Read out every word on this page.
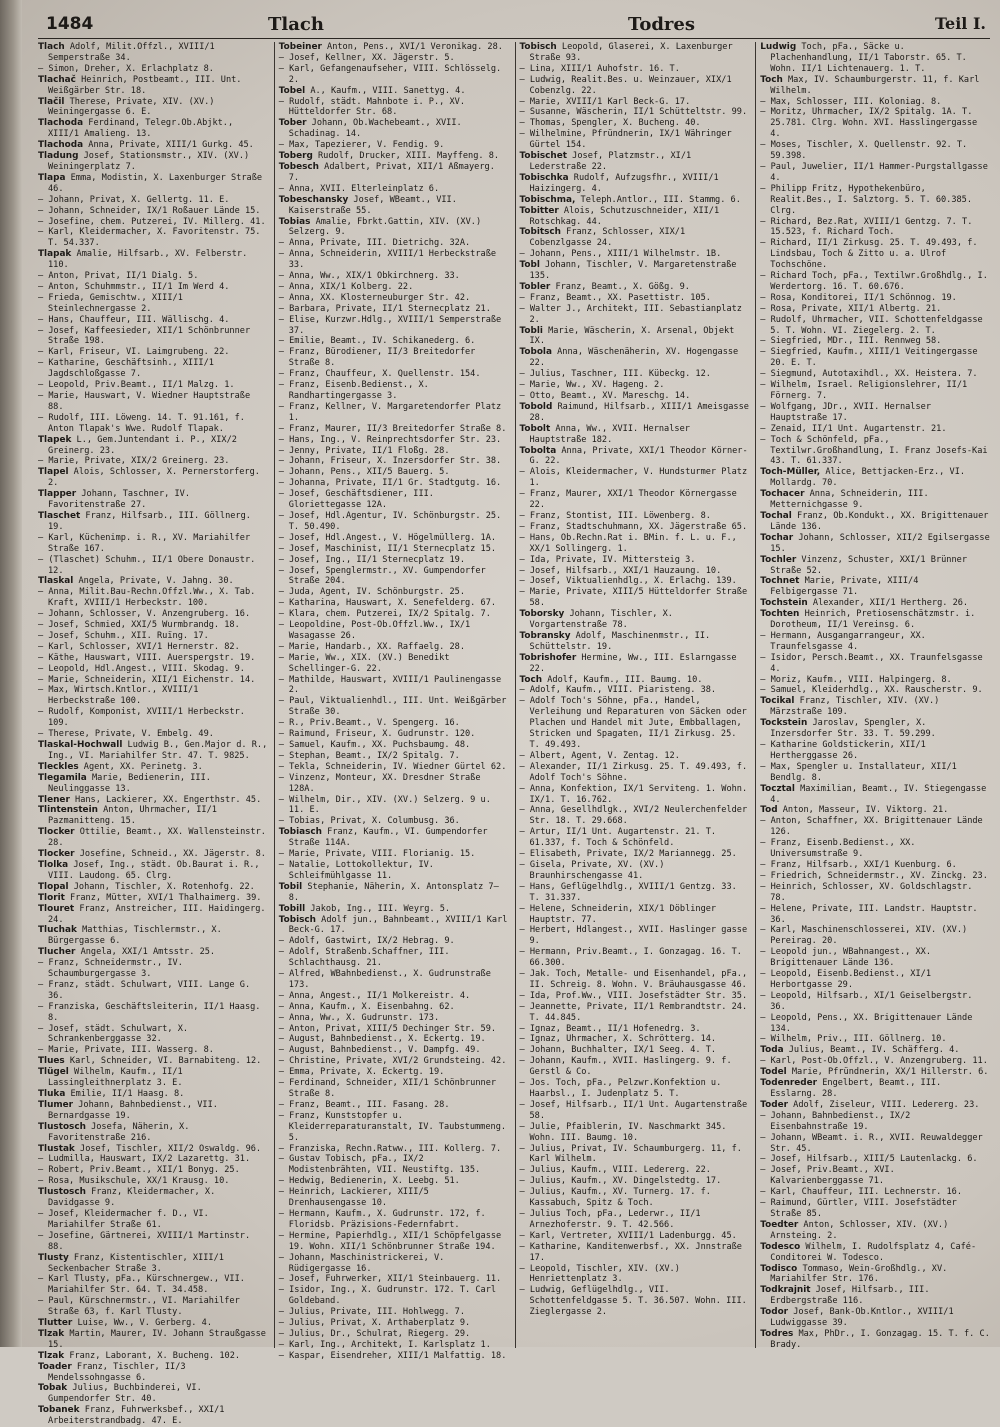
1484	Tlach	Todres	Teil I.
Tlach Adolf, Milit.Offzl., XVIII/1 Semperstraße 34.
— Simon, Dreher, X. Erlachplatz 8.
Tlachač Heinrich, Postbeamt., III. Unt. Weißgärber Str. 18.
Tlačil Therese, Private, XIV. (XV.) Weiningergasse 6. E.
Tlachoda Ferdinand, Telegr.Ob.Abjkt., XIII/1 Amalieng. 13.
Tlachoda Anna, Private, XIII/1 Gurkg. 45.
Tladung Josef, Stationsmstr., XIV. (XV.) Weiningerplatz 7.
Tlapa Emma, Modistin, X. Laxenburger Straße 46.
— Johann, Privat, X. Gellertg. 11. E.
— Johann, Schneider, IX/1 Roßauer Lände 15.
— Josefine, chem. Putzerei, IV. Millerg. 41.
— Karl, Kleidermacher, X. Favoritenstr. 75. T. 54.337.
Tlapak Amalie, Hilfsarb., XV. Felberstr. 110.
— Anton, Privat, II/1 Dialg. 5.
— Anton, Schuhmmstr., II/1 Im Werd 4.
— Frieda, Gemischtw., XIII/1 Steinlechnergasse 2.
— Hans, Chauffeur, III. Wällischg. 4.
— Josef, Kaffeesieder, XII/1 Schönbrunner Straße 198.
— Karl, Friseur, VI. Laimgrubeng. 22.
— Katharine, Geschäftsinh., XIII/1 Jagdschloßgasse 7.
— Leopold, Priv.Beamt., II/1 Malzg. 1.
— Marie, Hauswart, V. Wiedner Hauptstraße 88.
— Rudolf, III. Löweng. 14. T. 91.161, f. Anton Tlapak's Wwe. Rudolf Tlapak.
Tlapek L., Gem.Juntendant i. P., XIX/2 Greinerg. 23.
— Marie, Private, XIX/2 Greinerg. 23.
Tlapel Alois, Schlosser, X. Pernerstorferg. 2.
Tlapper Johann, Taschner, IV. Favoritenstraße 27.
Tlaschet Franz, Hilfsarb., III. Göllnerg. 19.
— Karl, Küchenimp. i. R., XV. Mariahilfer Straße 167.
— (Tlaschet) Schuhm., II/1 Obere Donaustr. 12.
Tlaskal Angela, Private, V. Jahng. 30.
— Anna, Milit.Bau-Rechn.Offzl.Ww., X. Tab. Kraft, XVIII/1 Herbeckstr. 100.
— Johann, Schlosser, V. Anzengruberg. 16.
— Josef, Schmied, XXI/5 Wurmbrandg. 18.
— Josef, Schuhm., XII. Ruïng. 17.
— Karl, Schlosser, XVI/1 Hernerstr. 82.
— Käthe, Hauswart, VIII. Auerspergstr. 19.
— Leopold, Hdl.Angest., VIII. Skodag. 9.
— Marie, Schneiderin, XII/1 Eichenstr. 14.
— Max, Wirtsch.Kntlor., XVIII/1 Herbeckstraße 100.
— Rudolf, Komponist, XVIII/1 Herbeckstr. 109.
— Therese, Private, V. Embelg. 49.
Tlaskal-Hochwall Ludwig B., Gen.Major d. R., Ing., VI. Mariahilfer Str. 47. T. 9825.
Tleckles Agent, XX. Perinetg. 3.
Tlegamila Marie, Bedienerin, III. Neulinggasse 13.
Tlener Hans, Lackierer, XX. Engerthstr. 45.
Tlintenstein Anton, Uhrmacher, II/1 Pazmanitteng. 15.
Tlocker Ottilie, Beamt., XX. Wallensteinstr. 28.
Tlocker Josefine, Schneid., XX. Jägerstr. 8.
Tlolka Josef, Ing., städt. Ob.Baurat i. R., VIII. Laudong. 65. Clrg.
Tlopal Johann, Tischler, X. Rotenhofg. 22.
Tlorit Franz, Mütter, XVI/1 Thalhaimerg. 39.
Tlouret Franz, Anstreicher, III. Haidingerg. 24.
Tluchak Matthias, Tischlermstr., X. Bürgergasse 6.
Tlucher Angela, XXI/1 Amtsstr. 25.
— Franz, Schneidermstr., IV. Schaumburgergasse 3.
— Franz, städt. Schulwart, VIII. Lange G. 36.
— Franziska, Geschäftsleiterin, II/1 Haasg. 8.
— Josef, städt. Schulwart, X. Schrankenberggasse 32.
— Marie, Private, III. Wasserg. 8.
Tlues Karl, Schneider, VI. Barnabiteng. 12.
Tlügel Wilhelm, Kaufm., II/1 Lassingleithnerplatz 3. E.
Tluka Emilie, II/1 Haasg. 8.
Tlumer Johann, Bahnbedienst., VII. Bernardgasse 19.
Tlustosch Josefa, Näherin, X. Favoritenstraße 216.
Tlustak Josef, Tischler, XII/2 Oswaldg. 96.
— Ludmilla, Hauswart, IX/2 Lazarettg. 31.
— Robert, Priv.Beamt., XII/1 Bonyg. 25.
— Rosa, Musikschule, XX/1 Krausg. 10.
Tlustosch Franz, Kleidermacher, X. Davidgasse 9.
— Josef, Kleidermacher f. D., VI. Mariahilfer Straße 61.
— Josefine, Gärtnerei, XVIII/1 Martinstr. 88.
Tlusty Franz, Kistentischler, XIII/1 Seckenbacher Straße 3.
— Karl Tlusty, pFa., Kürschnergew., VII. Mariahilfer Str. 64. T. 34.458.
— Paul, Kürschnermstr., VI. Mariahilfer Straße 63, f. Karl Tlusty.
Tlutter Luise, Ww., V. Gerberg. 4.
Tlzak Martin, Maurer, IV. Johann Straußgasse 15.
Tlzak Franz, Laborant, X. Bucheng. 102.
Toader Franz, Tischler, II/3 Mendelssohngasse 6.
Tobak Julius, Buchbinderei, VI. Gumpendorfer Str. 40.
Tobanek Franz, Fuhrwerksbef., XXI/1 Arbeiterstrandbadg. 47. E.
Tobeiner Anton, Pens., XVI/1 Veronikag. 28.
— Josef, Kellner, XX. Jägerstr. 5.
— Karl, Gefangenaufseher, VIII. Schlösselg. 2.
Tobel A., Kaufm., VIII. Sanettyg. 4.
— Rudolf, städt. Mahnbote i. P., XV. Hütteldorfer Str. 68.
Tober Johann, Ob.Wachebeamt., XVII. Schadinag. 14.
— Max, Tapezierer, V. Fendig. 9.
Toberg Rudolf, Drucker, XIII. Mayffeng. 8.
Tobesch Adalbert, Privat, XII/1 Aßmayerg. 7.
— Anna, XVII. Elterleinplatz 6.
Tobeschansky Josef, WBeamt., VII. Kaiserstraße 55.
Tobias Amalie, Fbrkt.Gattin, XIV. (XV.) Selzerg. 9.
— Anna, Private, III. Dietrichg. 32A.
— Anna, Schneiderin, XVIII/1 Herbeckstraße 33.
— Anna, Ww., XIX/1 Obkirchnerg. 33.
— Anna, XIX/1 Kolberg. 22.
— Anna, XX. Klosterneuburger Str. 42.
— Barbara, Private, II/1 Sternecplatz 21.
— Elise, Kurzwr.Hdlg., XVIII/1 Semperstraße 37.
— Emilie, Beamt., IV. Schikanederg. 6.
— Franz, Bürodiener, II/3 Breitedorfer Straße 8.
— Franz, Chauffeur, X. Quellenstr. 154.
— Franz, Eisenb.Bedienst., X. Randhartingergasse 3.
— Franz, Kellner, V. Margaretendorfer Platz 1.
— Franz, Maurer, II/3 Breitedorfer Straße 8.
— Hans, Ing., V. Reinprechtsdorfer Str. 23.
— Jenny, Private, II/1 Floßg. 28.
— Johann, Friseur, X. Inzersdorfer Str. 38.
— Johann, Pens., XII/5 Bauerg. 5.
— Johanna, Private, II/1 Gr. Stadtgutg. 16.
— Josef, Geschäftsdiener, III. Gloriettegasse 12A.
— Josef, Hdl.Agentur, IV. Schönburgstr. 25. T. 50.490.
— Josef, Hdl.Angest., V. Högelmüllerg. 1A.
— Josef, Maschinist, II/1 Sternecplatz 15.
— Josef, Ing., II/1 Sternecplatz 19.
— Josef, Spenglermstr., XV. Gumpendorfer Straße 204.
— Juda, Agent, IV. Schönburgstr. 25.
— Katharina, Hauswart, X. Senefelderg. 67.
— Klara, chem. Putzerei, IX/2 Spitalg. 7.
— Leopoldine, Post-Ob.Offzl.Ww., IX/1 Wasagasse 26.
— Marie, Handarb., XX. Raffaelg. 28.
— Marie, Ww., XIX. (XV.) Benedikt Schellinger-G. 22.
— Mathilde, Hauswart, XVIII/1 Paulinengasse 2.
— Paul, Viktualienhdl., III. Unt. Weißgärber Straße 30.
— R., Priv.Beamt., V. Spengerg. 16.
— Raimund, Friseur, X. Gudrunstr. 120.
— Samuel, Kaufm., XX. Puchsbaumg. 48.
— Stephan, Beamt., IX/2 Spitalg. 7.
— Tekla, Schneiderin, IV. Wiedner Gürtel 62.
— Vinzenz, Monteur, XX. Dresdner Straße 128A.
— Wilhelm, Dir., XIV. (XV.) Selzerg. 9 u. 11. E.
— Tobias, Privat, X. Columbusg. 36.
Tobiasch Franz, Kaufm., VI. Gumpendorfer Straße 114A.
— Marie, Private, VIII. Florianig. 15.
— Natalie, Lottokollektur, IV. Schleifmühlgasse 11.
Tobil Stephanie, Näherin, X. Antonsplatz 7—8.
Tobill Jakob, Ing., III. Weyrg. 5.
Tobisch Adolf jun., Bahnbeamt., XVIII/1 Karl Beck-G. 17.
— Adolf, Gastwirt, IX/2 Hebrag. 9.
— Adolf, Straßenb.Schaffner, III. Schlachthausg. 21.
— Alfred, WBahnbedienst., X. Gudrunstraße 173.
— Anna, Angest., II/1 Molkereistr. 4.
— Anna, Kaufm., X. Eisenbahng. 62.
— Anna, Ww., X. Gudrunstr. 173.
— Anton, Privat, XIII/5 Dechinger Str. 59.
— August, Bahnbedienst., X. Eckertg. 19.
— August, Bahnbedienst., V. Dampfg. 49.
— Christine, Private, XVI/2 Grundsteing. 42.
— Emma, Private, X. Eckertg. 19.
— Ferdinand, Schneider, XII/1 Schönbrunner Straße 8.
— Franz, Beamt., III. Fasang. 28.
— Franz, Kunststopfer u. Kleiderreparaturanstalt, IV. Taubstummeng. 5.
— Franziska, Rechn.Ratww., III. Kollerg. 7.
— Gustav Tobisch, pFa., IX/2 Modistenbrähten, VII. Neustiftg. 135.
— Hedwig, Bedienerin, X. Leebg. 51.
— Heinrich, Lackierer, XIII/5 Drenhausengasse 10.
— Hermann, Kaufm., X. Gudrunstr. 172, f. Floridsb. Präzisions-Federnfabrt.
— Hermine, Papierhdlg., XII/1 Schöpfelgasse 19. Wohn. XII/1 Schönbrunner Straße 194.
— Johann, Maschinistrickerei, V. Rüdigergasse 16.
— Josef, Fuhrwerker, XII/1 Steinbauerg. 11.
— Isidor, Ing., X. Gudrunstr. 172. T. Carl Goldeband.
— Julius, Private, III. Hohlwegg. 7.
— Julius, Privat, X. Arthaberplatz 9.
— Julius, Dr., Schulrat, Riegerg. 29.
— Karl, Ing., Architekt, I. Karlsplatz 1.
— Kaspar, Eisendreher, XIII/1 Malfattig. 18.
Tobisch Leopold, Glaserei, X. Laxenburger Straße 93.
— Lina, XIII/1 Auhofstr. 16. T.
— Ludwig, Realit.Bes. u. Weinzauer, XIX/1 Cobenzlg. 22.
— Marie, XVIII/1 Karl Beck-G. 17.
— Susanne, Wäscherin, II/1 Schütteltstr. 99.
— Thomas, Spengler, X. Bucheng. 40.
— Wilhelmine, Pfründnerin, IX/1 Währinger Gürtel 154.
Tobischet Josef, Platzmstr., XI/1 Lederstraße 22.
Tobischka Rudolf, Aufzugsfhr., XVIII/1 Haizingerg. 4.
Tobischma, Teleph.Antlor., III. Stammg. 6.
Tobitter Alois, Schutzuschneider, XII/1 Rotschkag. 44.
Tobitsch Franz, Schlosser, XIX/1 Cobenzlgasse 24.
— Johann, Pens., XIII/1 Wilhelmstr. 1B.
Tobl Johann, Tischler, V. Margaretenstraße 135.
Tobler Franz, Beamt., X. Gößg. 9.
— Franz, Beamt., XX. Pasettistr. 105.
— Walter J., Architekt, III. Sebastianplatz 2.
Tobli Marie, Wäscherin, X. Arsenal, Objekt IX.
Tobola Anna, Wäschenäherin, XV. Hogengasse 22.
— Julius, Taschner, III. Kübeckg. 12.
— Marie, Ww., XV. Hageng. 2.
— Otto, Beamt., XV. Mareschg. 14.
Tobold Raimund, Hilfsarb., XIII/1 Ameisgasse 28.
Tobolt Anna, Ww., XVII. Hernalser Hauptstraße 182.
Tobolta Anna, Private, XXI/1 Theodor Körner-G. 22.
— Alois, Kleidermacher, V. Hundsturmer Platz 1.
— Franz, Maurer, XXI/1 Theodor Körnergasse 22.
— Franz, Stontist, III. Löwenberg. 8.
— Franz, Stadtschuhmann, XX. Jägerstraße 65.
— Hans, Ob.Rechn.Rat i. BMin. f. L. u. F., XX/1 Sollingerg. 1.
— Ida, Private, IV. Mittersteig 3.
— Josef, Hilfsarb., XXI/1 Hauzaung. 10.
— Josef, Viktualienhdlg., X. Erlachg. 139.
— Marie, Private, XIII/5 Hütteldorfer Straße 58.
Toborsky Johann, Tischler, X. Vorgartenstraße 78.
Tobransky Adolf, Maschinenmstr., II. Schüttelstr. 19.
Tobrishofer Hermine, Ww., III. Eslarngasse 22.
Toch Adolf, Kaufm., III. Baumg. 10.
— Adolf, Kaufm., VIII. Piaristeng. 38.
— Adolf Toch's Söhne, pFa., Handel, Verleihung und Reparaturen von Säcken oder Plachen und Handel mit Jute, Embballagen, Stricken und Spagaten, II/1 Zirkusg. 25. T. 49.493.
— Albert, Agent, V. Zentag. 12.
— Alexander, II/1 Zirkusg. 25. T. 49.493, f. Adolf Toch's Söhne.
— Anna, Konfektion, IX/1 Serviteng. 1. Wohn. IX/1. T. 16.762.
— Anna, Gesellhdlgk., XVI/2 Neulerchenfelder Str. 18. T. 29.668.
— Artur, II/1 Unt. Augartenstr. 21. T. 61.337, f. Toch & Schönfeld.
— Elisabeth, Private, IX/2 Mariannegg. 25.
— Gisela, Private, XV. (XV.) Braunhirschengasse 41.
— Hans, Geflügelhdlg., XVIII/1 Gentzg. 33. T. 31.337.
— Helene, Schneiderin, XIX/1 Döblinger Hauptstr. 77.
— Herbert, Hdlangest., XVII. Haslinger gasse 9.
— Hermann, Priv.Beamt., I. Gonzagag. 16. T. 66.300.
— Jak. Toch, Metalle- und Eisenhandel, pFa., II. Schreig. 8. Wohn. V. Bräuhausgasse 46.
— Ida, Prof.Ww., VIII. Josefstädter Str. 35.
— Jeannette, Private, II/1 Rembrandtstr. 24. T. 44.845.
— Ignaz, Beamt., II/1 Hofenedrg. 3.
— Ignaz, Uhrmacher, X. Schrötterg. 14.
— Johann, Buchhalter, IX/1 Seeg. 4. T.
— Johann, Kaufm., XVII. Haslingerg. 9. f. Gerstl & Co.
— Jos. Toch, pFa., Pelzwr.Konfektion u. Haarbsl., I. Judenplatz 5. T.
— Josef, Hilfsarb., II/1 Unt. Augartenstraße 58.
— Julie, Pfaiblerin, IV. Naschmarkt 345. Wohn. III. Baumg. 10.
— Julius, Privat, IV. Schaumburgerg. 11, f. Karl Wilhelm.
— Julius, Kaufm., VIII. Ledererg. 22.
— Julius, Kaufm., XV. Dingelstedtg. 17.
— Julius, Kaufm., XV. Turnerg. 17. f. Kassabuch, Spitz & Toch.
— Julius Toch, pFa., Lederwr., II/1 Arnezhoferstr. 9. T. 42.566.
— Karl, Vertreter, XVIII/1 Ladenburgg. 45.
— Katharine, Kanditenwerbsf., XX. Jnnstraße 17.
— Leopold, Tischler, XIV. (XV.) Henriettenplatz 3.
— Ludwig, Geflügelhdlg., VII. Schottenfeldgasse 5. T. 36.507. Wohn. III. Zieglergasse 2.
Ludwig Toch, pFa., Säcke u. Plachenhandlung, II/1 Taborstr. 65. T. Wohn. II/1 Lichtenauerg. 1. T.
Toch Max, IV. Schaumburgerstr. 11, f. Karl Wilhelm.
— Max, Schlosser, III. Koloniag. 8.
— Moritz, Uhrmacher, IX/2 Spitalg. 1A. T. 25.781. Clrg. Wohn. XVI. Hasslingergasse 4.
— Moses, Tischler, X. Quellenstr. 92. T. 59.398.
— Paul, Juwelier, II/1 Hammer-Purgstallgasse 4.
— Philipp Fritz, Hypothekenbüro, Realit.Bes., I. Salztorg. 5. T. 60.385. Clrg.
— Richard, Bez.Rat, XVIII/1 Gentzg. 7. T. 15.523, f. Richard Toch.
— Richard, II/1 Zirkusg. 25. T. 49.493, f. Lindsbau, Toch & Zitto u. a. Ulrof Tochschöne.
— Richard Toch, pFa., Textilwr.Großhdlg., I. Werdertorg. 16. T. 60.676.
— Rosa, Konditorei, II/1 Schönnog. 19.
— Rosa, Private, XII/1 Albertg. 21.
— Rudolf, Uhrmacher, VII. Schottenfeldgasse 5. T. Wohn. VI. Ziegelerg. 2. T.
— Siegfried, MDr., III. Rennweg 58.
— Siegfried, Kaufm., XIII/1 Veitingergasse 20. E. T.
— Siegmund, Autotaxihdl., XX. Heistera. 7.
— Wilhelm, Israel. Religionslehrer, II/1 Förnerg. 7.
— Wolfgang, JDr., XVII. Hernalser Hauptstraße 17.
— Zenaid, II/1 Unt. Augartenstr. 21.
— Toch & Schönfeld, pFa., Textilwr.Großhandlung, I. Franz Josefs-Kai 43. T. 61.337.
Toch-Müller, Alice, Bettjacken-Erz., VI. Mollardg. 70.
Tochacer Anna, Schneiderin, III. Metternichgasse 9.
Tochal Franz, Ob.Kondukt., XX. Brigittenauer Lände 136.
Tochar Johann, Schlosser, XII/2 Egilsergasse 15.
Tochler Vinzenz, Schuster, XXI/1 Brünner Straße 52.
Tochnet Marie, Private, XIII/4 Felbigergasse 71.
Tochstein Alexander, XII/1 Hertherg. 26.
Tochten Heinrich, Pretiosenschätzmstr. i. Dorotheum, II/1 Vereinsg. 6.
— Hermann, Ausgangarrangeur, XX. Traunfelsgasse 4.
— Isidor, Persch.Beamt., XX. Traunfelsgasse 4.
— Moriz, Kaufm., VIII. Halpingerg. 8.
— Samuel, Kleiderhdlg., XX. Rauscherstr. 9.
Tocikal Franz, Tischler, XIV. (XV.) Märzstraße 109.
Tockstein Jaroslav, Spengler, X. Inzersdorfer Str. 33. T. 59.299.
— Katharine Goldstickerin, XII/1 Hertherggasse 26.
— Max, Spengler u. Installateur, XII/1 Bendlg. 8.
Tocztal Maximilian, Beamt., IV. Stiegengasse 4.
Tod Anton, Masseur, IV. Viktorg. 21.
— Anton, Schaffner, XX. Brigittenauer Lände 126.
— Franz, Eisenb.Bedienst., XX. Universumstraße 9.
— Franz, Hilfsarb., XXI/1 Kuenburg. 6.
— Friedrich, Schneidermstr., XV. Zinckg. 23.
— Heinrich, Schlosser, XV. Goldschlagstr. 78.
— Helene, Private, III. Landstr. Hauptstr. 36.
— Karl, Maschinenschlosserei, XIV. (XV.) Pereirag. 20.
— Leopold jun., WBahnangest., XX. Brigittenauer Lände 136.
— Leopold, Eisenb.Bedienst., XI/1 Herbortgasse 29.
— Leopold, Hilfsarb., XI/1 Geiselbergstr. 36.
— Leopold, Pens., XX. Brigittenauer Lände 134.
— Wilhelm, Priv., III. Göllnerg. 10.
Toda Julius, Beamt., IV. Schäfferg. 4.
— Karl, Post-Ob.Offzl., V. Anzengruberg. 11.
Todel Marie, Pfründnerin, XX/1 Hillerstr. 6.
Todenreder Engelbert, Beamt., III. Esslarng. 28.
Toder Adolf, Ziseleur, VIII. Ledererg. 23.
— Johann, Bahnbedienst., IX/2 Eisenbahnstraße 19.
— Johann, WBeamt. i. R., XVII. Reuwaldegger Str. 45.
— Josef, Hilfsarb., XIII/5 Lautenlackg. 6.
— Josef, Priv.Beamt., XVI. Kalvarienberggasse 71.
— Karl, Chauffeur, III. Lechnerstr. 16.
— Raimund, Gürtler, VIII. Josefstädter Straße 85.
Toedter Anton, Schlosser, XIV. (XV.) Arnsteing. 2.
Todesco Wilhelm, I. Rudolfsplatz 4, Café-Conditorei W. Todesco.
Todisco Tommaso, Wein-Großhdlg., XV. Mariahilfer Str. 176.
Todkrajnit Josef, Hilfsarb., III. Erdbergstraße 116.
Todor Josef, Bank-Ob.Kntlor., XVIII/1 Ludwiggasse 39.
Todres Max, PhDr., I. Gonzagag. 15. T. f. C. Brady.
